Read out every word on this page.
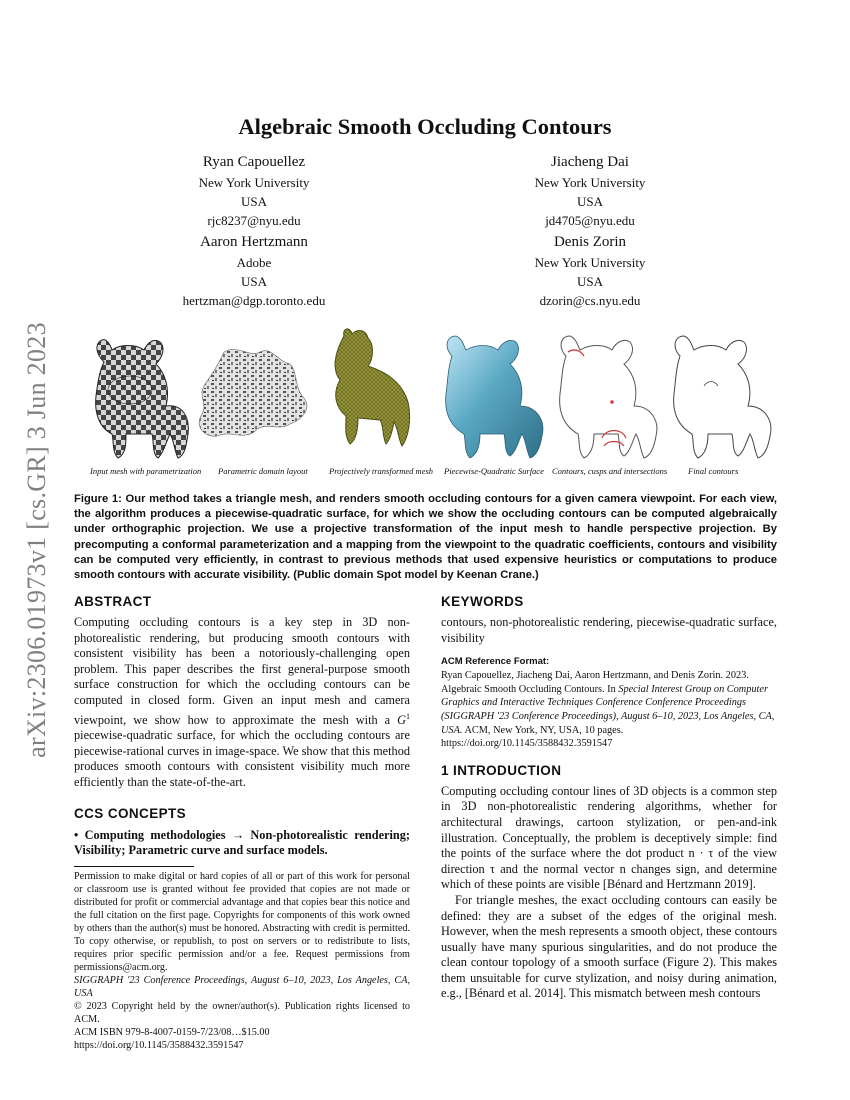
arXiv:2306.01973v1 [cs.GR] 3 Jun 2023
Algebraic Smooth Occluding Contours
Ryan Capouellez
New York University
USA
rjc8237@nyu.edu
Jiacheng Dai
New York University
USA
jd4705@nyu.edu
Aaron Hertzmann
Adobe
USA
hertzman@dgp.toronto.edu
Denis Zorin
New York University
USA
dzorin@cs.nyu.edu
Input mesh with parametrization Parametric domain layout	Projectively transformed mesh Piecewise-Quadratic Surface Contours, cusps and intersections Final contours
Figure 1: Our method takes a triangle mesh, and renders smooth occluding contours for a given camera viewpoint. For each view, the algorithm produces a piecewise-quadratic surface, for which we show the occluding contours can be computed algebraically under orthographic projection. We use a projective transformation of the input mesh to handle perspective projection. By precomputing a conformal parameterization and a mapping from the viewpoint to the quadratic coefficients, contours and visibility can be computed very efficiently, in contrast to previous methods that used expensive heuristics or computations to produce smooth contours with accurate visibility. (Public domain Spot model by Keenan Crane.)
ABSTRACT

Computing occluding contours is a key step in 3D non-photorealistic rendering, but producing smooth contours with consistent visibility has been a notoriously-challenging open problem. This paper describes the first general-purpose smooth surface construction for which the occluding contours can be computed in closed form. Given an input mesh and camera viewpoint, we show how to approximate the mesh with a $G^1$ piecewise-quadratic surface, for which the occluding contours are piecewise-rational curves in image-space. We show that this method produces smooth contours with consistent visibility much more efficiently than the state-of-the-art.

CCS CONCEPTS

• Computing methodologies → Non-photorealistic rendering; Visibility; Parametric curve and surface models.

Permission to make digital or hard copies of all or part of this work for personal or classroom use is granted without fee provided that copies are not made or distributed for profit or commercial advantage and that copies bear this notice and the full citation on the first page. Copyrights for components of this work owned by others than the author(s) must be honored. Abstracting with credit is permitted. To copy otherwise, or republish, to post on servers or to redistribute to lists, requires prior specific permission and/or a fee. Request permissions from permissions@acm.org.

SIGGRAPH '23 Conference Proceedings, August 6–10, 2023, Los Angeles, CA, USA

© 2023 Copyright held by the owner/author(s). Publication rights licensed to ACM.

ACM ISBN 979-8-4007-0159-7/23/08…$15.00

https://doi.org/10.1145/3588432.3591547

KEYWORDS

contours, non-photorealistic rendering, piecewise-quadratic surface, visibility

ACM Reference Format:

Ryan Capouellez, Jiacheng Dai, Aaron Hertzmann, and Denis Zorin. 2023. Algebraic Smooth Occluding Contours. In Special Interest Group on Computer Graphics and Interactive Techniques Conference Conference Proceedings (SIGGRAPH '23 Conference Proceedings), August 6–10, 2023, Los Angeles, CA, USA. ACM, New York, NY, USA, 10 pages. https://doi.org/10.1145/3588432.3591547

1 INTRODUCTION

Computing occluding contour lines of 3D objects is a common step in 3D non-photorealistic rendering algorithms, whether for architectural drawings, cartoon stylization, or pen-and-ink illustration. Conceptually, the problem is deceptively simple: find the points of the surface where the dot product n · τ of the view direction τ and the normal vector n changes sign, and determine which of these points are visible [Bénard and Hertzmann 2019].

For triangle meshes, the exact occluding contours can easily be defined: they are a subset of the edges of the original mesh. However, when the mesh represents a smooth object, these contours usually have many spurious singularities, and do not produce the clean contour topology of a smooth surface (Figure 2). This makes them unsuitable for curve stylization, and noisy during animation, e.g., [Bénard et al. 2014]. This mismatch between mesh contours
